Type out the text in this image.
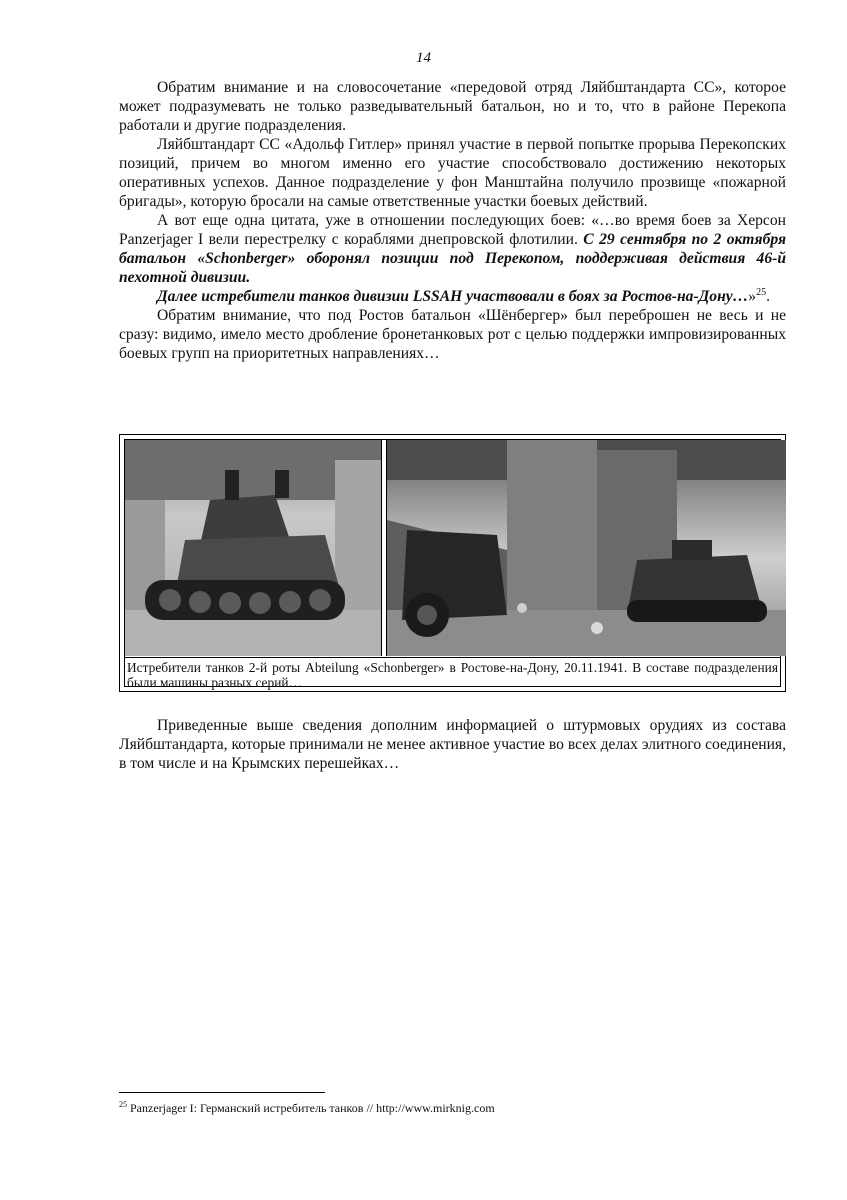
14

Обратим внимание и на словосочетание «передовой отряд Ляйбштандарта СС», которое может подразумевать не только разведывательный батальон, но и то, что в районе Перекопа работали и другие подразделения.

Ляйбштандарт СС «Адольф Гитлер» принял участие в первой попытке прорыва Перекопских позиций, причем во многом именно его участие способствовало достижению некоторых оперативных успехов. Данное подразделение у фон Манштайна получило прозвище «пожарной бригады», которую бросали на самые ответственные участки боевых действий.

А вот еще одна цитата, уже в отношении последующих боев: «…во время боев за Херсон Panzerjager I вели перестрелку с кораблями днепровской флотилии. С 29 сентября по 2 октября батальон «Schonberger» оборонял позиции под Перекопом, поддерживая действия 46-й пехотной дивизии.

Далее истребители танков дивизии LSSAH участвовали в боях за Ростов-на-Дону…»$^{25}$.

Обратим внимание, что под Ростов батальон «Шёнбергер» был переброшен не весь и не сразу: видимо, имело место дробление бронетанковых рот с целью поддержки импровизированных боевых групп на приоритетных направлениях…

Истребители танков 2-й роты Abteilung «Schonberger» в Ростове-на-Дону, 20.11.1941. В составе подразделения были машины разных серий…

Приведенные выше сведения дополним информацией о штурмовых орудиях из состава Ляйбштандарта, которые принимали не менее активное участие во всех делах элитного соединения, в том числе и на Крымских перешейках…

$^{25}$ Panzerjager I: Германский истребитель танков // http://www.mirknig.com
